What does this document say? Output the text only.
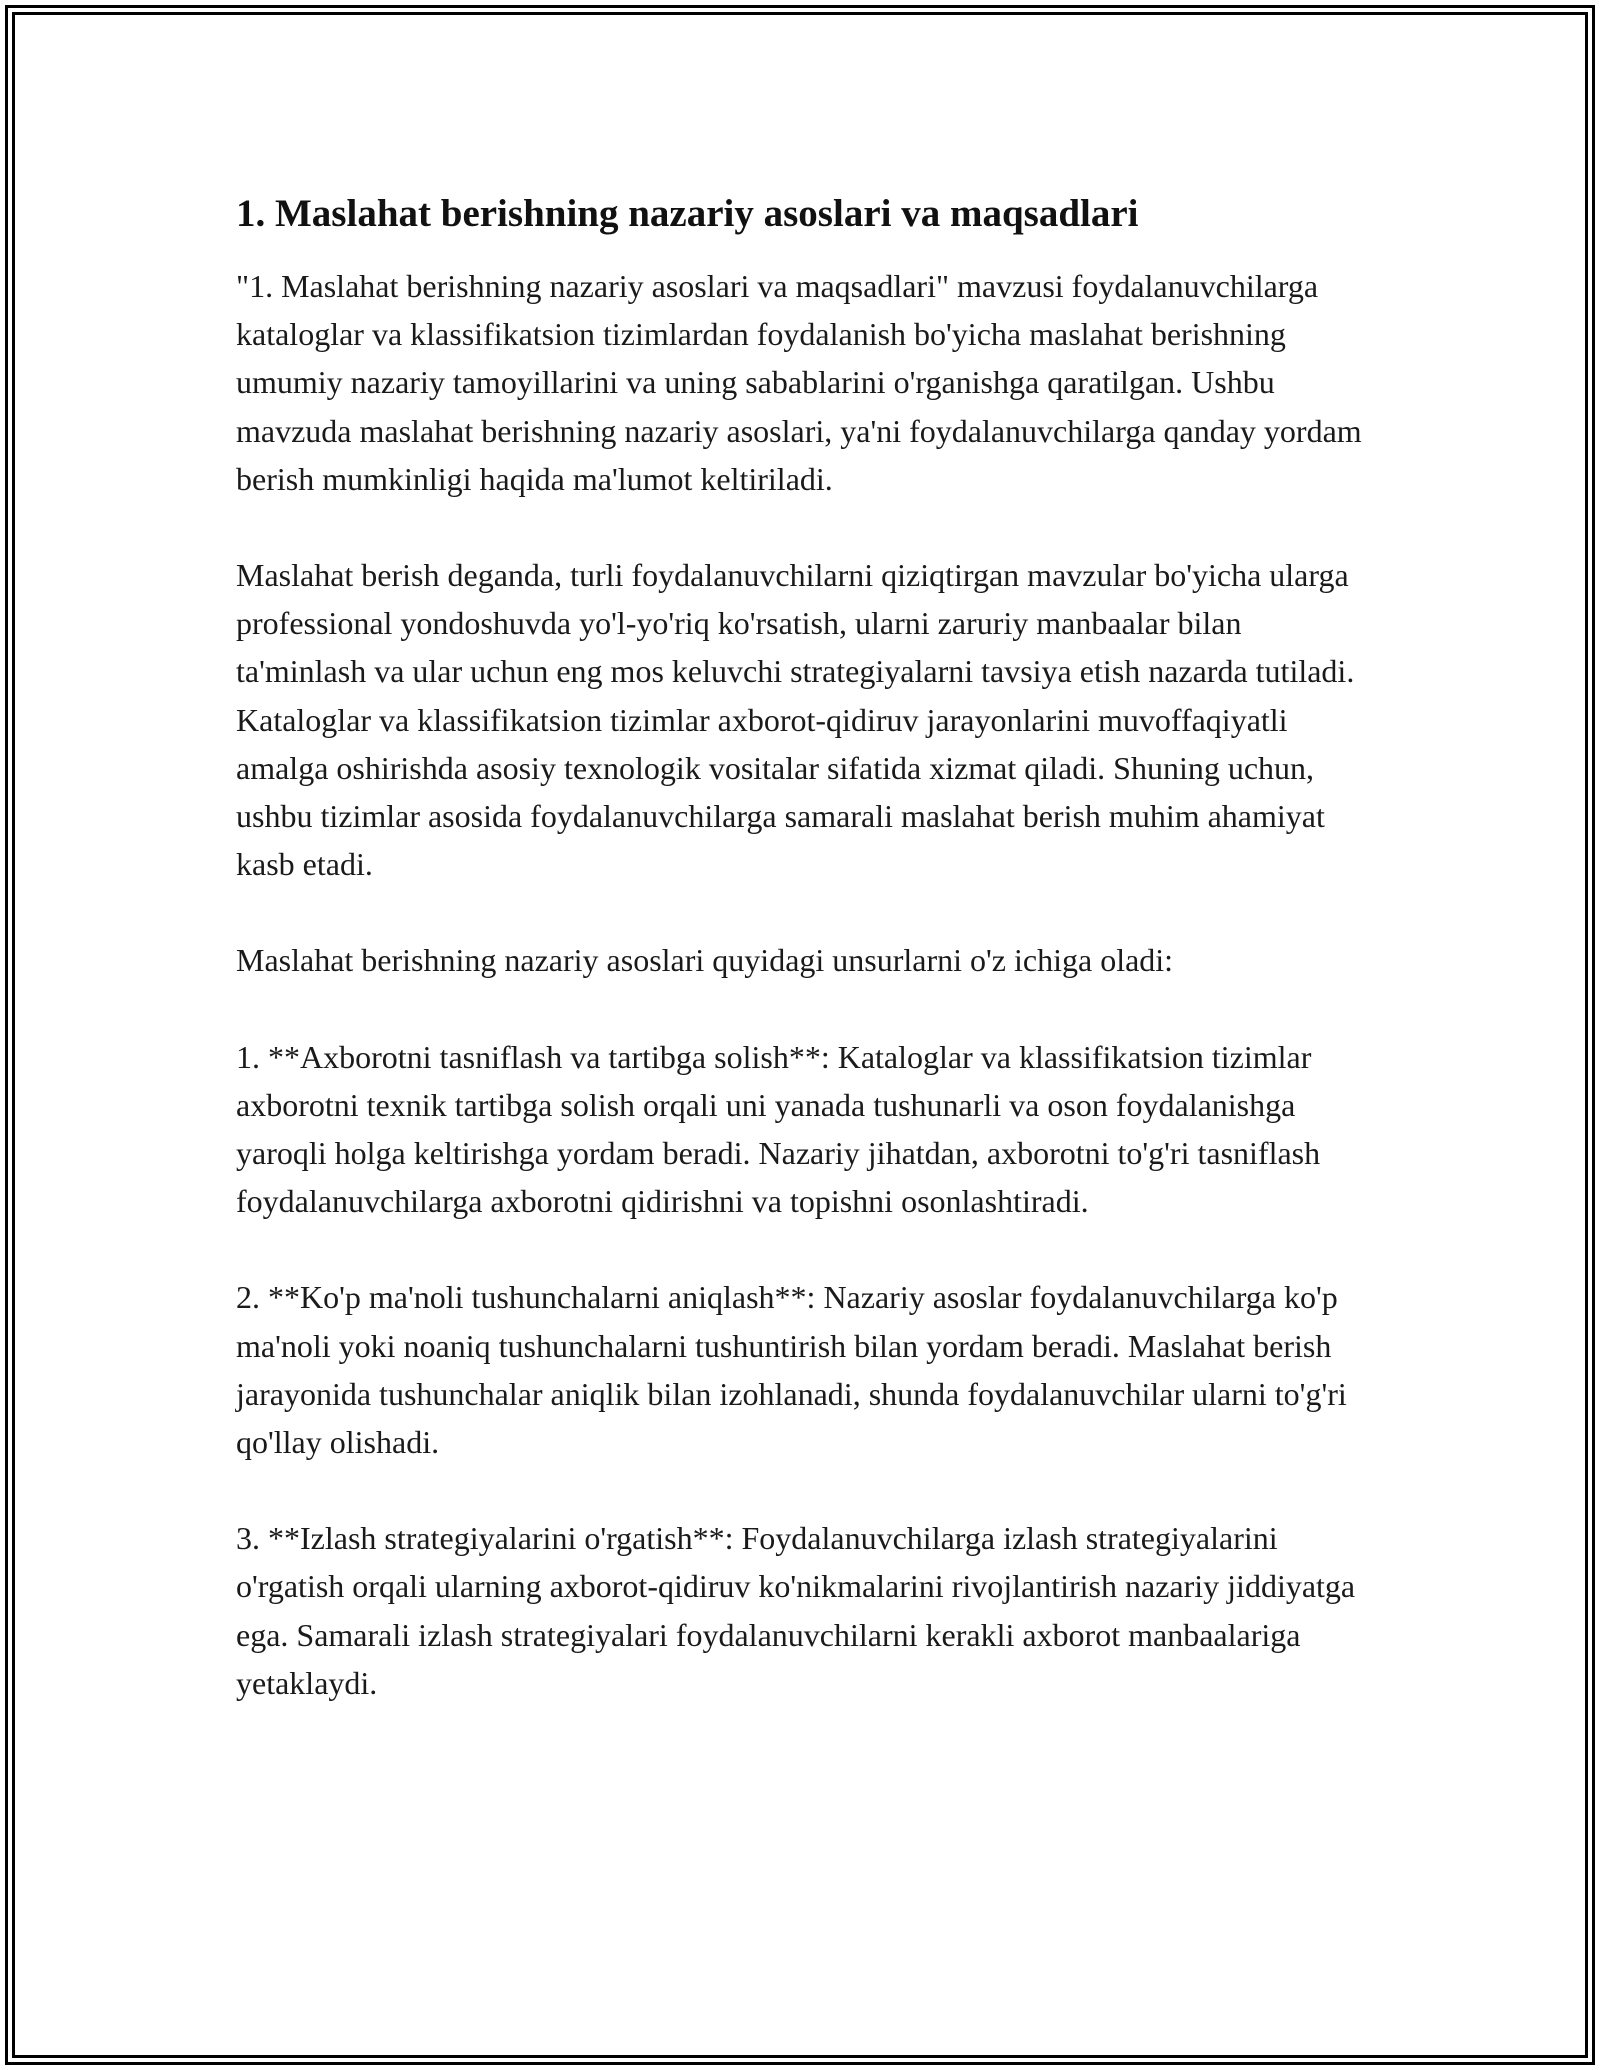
1. Maslahat berishning nazariy asoslari va maqsadlari

"1. Maslahat berishning nazariy asoslari va maqsadlari" mavzusi foydalanuvchilarga kataloglar va klassifikatsion tizimlardan foydalanish bo'yicha maslahat berishning umumiy nazariy tamoyillarini va uning sabablarini o'rganishga qaratilgan. Ushbu mavzuda maslahat berishning nazariy asoslari, ya'ni foydalanuvchilarga qanday yordam berish mumkinligi haqida ma'lumot keltiriladi.

Maslahat berish deganda, turli foydalanuvchilarni qiziqtirgan mavzular bo'yicha ularga professional yondoshuvda yo'l-yo'riq ko'rsatish, ularni zaruriy manbaalar bilan ta'minlash va ular uchun eng mos keluvchi strategiyalarni tavsiya etish nazarda tutiladi. Kataloglar va klassifikatsion tizimlar axborot-qidiruv jarayonlarini muvoffaqiyatli amalga oshirishda asosiy texnologik vositalar sifatida xizmat qiladi. Shuning uchun, ushbu tizimlar asosida foydalanuvchilarga samarali maslahat berish muhim ahamiyat kasb etadi.

Maslahat berishning nazariy asoslari quyidagi unsurlarni o'z ichiga oladi:

1. **Axborotni tasniflash va tartibga solish**: Kataloglar va klassifikatsion tizimlar axborotni texnik tartibga solish orqali uni yanada tushunarli va oson foydalanishga yaroqli holga keltirishga yordam beradi. Nazariy jihatdan, axborotni to'g'ri tasniflash foydalanuvchilarga axborotni qidirishni va topishni osonlashtiradi.

2. **Ko'p ma'noli tushunchalarni aniqlash**: Nazariy asoslar foydalanuvchilarga ko'p ma'noli yoki noaniq tushunchalarni tushuntirish bilan yordam beradi. Maslahat berish jarayonida tushunchalar aniqlik bilan izohlanadi, shunda foydalanuvchilar ularni to'g'ri qo'llay olishadi.

3. **Izlash strategiyalarini o'rgatish**: Foydalanuvchilarga izlash strategiyalarini o'rgatish orqali ularning axborot-qidiruv ko'nikmalarini rivojlantirish nazariy jiddiyatga ega. Samarali izlash strategiyalari foydalanuvchilarni kerakli axborot manbaalariga yetaklaydi.
